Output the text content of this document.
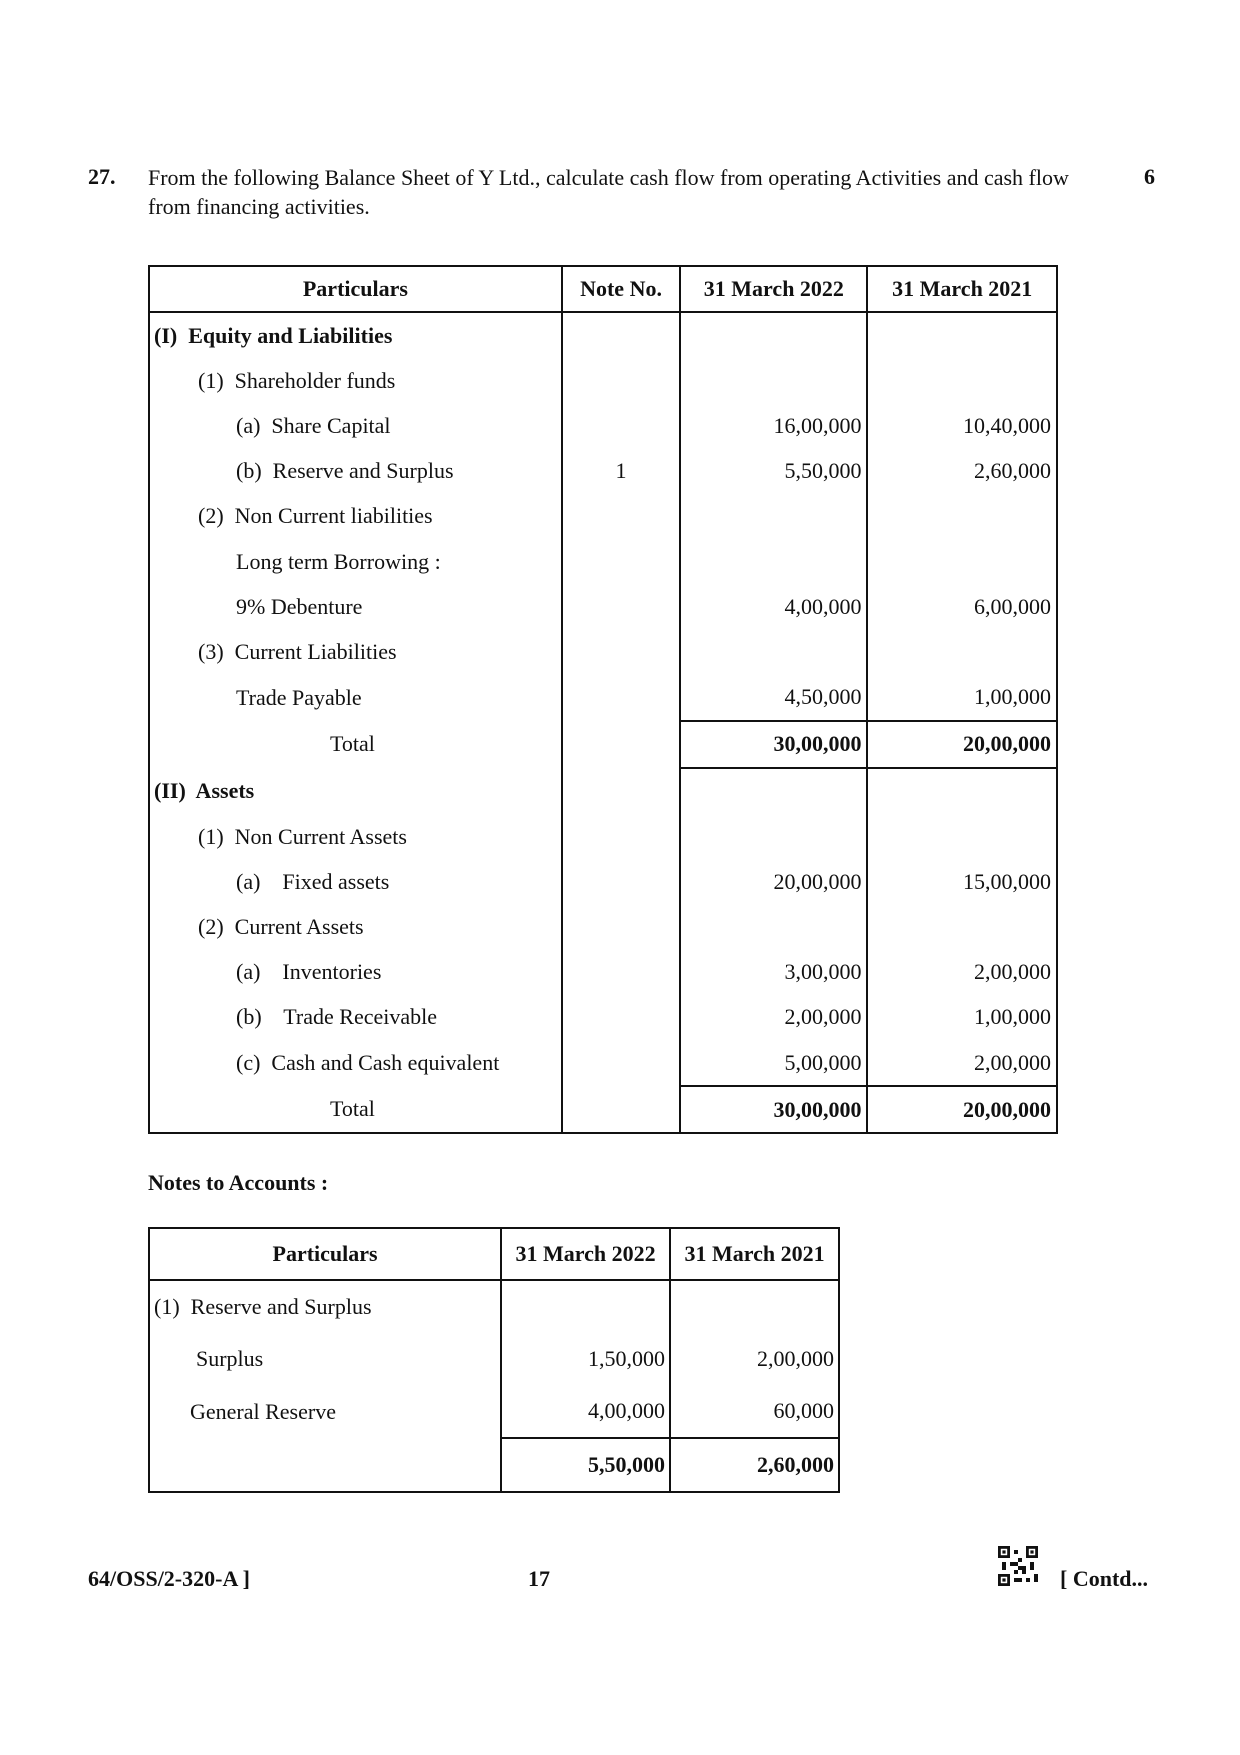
27. From the following Balance Sheet of Y Ltd., calculate cash flow from operating Activities and cash flow from financing activities.
6
Particulars	Note No.	31 March 2022	31 March 2021
(I)  Equity and Liabilities			
(1)  Shareholder funds			
(a)  Share Capital		16,00,000	10,40,000
(b)  Reserve and Surplus	1	5,50,000	2,60,000
(2)  Non Current liabilities			
Long term Borrowing :			
9% Debenture		4,00,000	6,00,000
(3)  Current Liabilities			
Trade Payable		4,50,000	1,00,000
Total		30,00,000	20,00,000
(II)  Assets			
(1)  Non Current Assets			
(a)    Fixed assets		20,00,000	15,00,000
(2)  Current Assets			
(a)    Inventories		3,00,000	2,00,000
(b)    Trade Receivable		2,00,000	1,00,000
(c)  Cash and Cash equivalent		5,00,000	2,00,000
Total		30,00,000	20,00,000
Notes to Accounts :
Particulars	31 March 2022	31 March 2021
(1)  Reserve and Surplus		
Surplus	1,50,000	2,00,000
General Reserve	4,00,000	60,000
	5,50,000	2,60,000
64/OSS/2-320-A ]	17	[ Contd...
